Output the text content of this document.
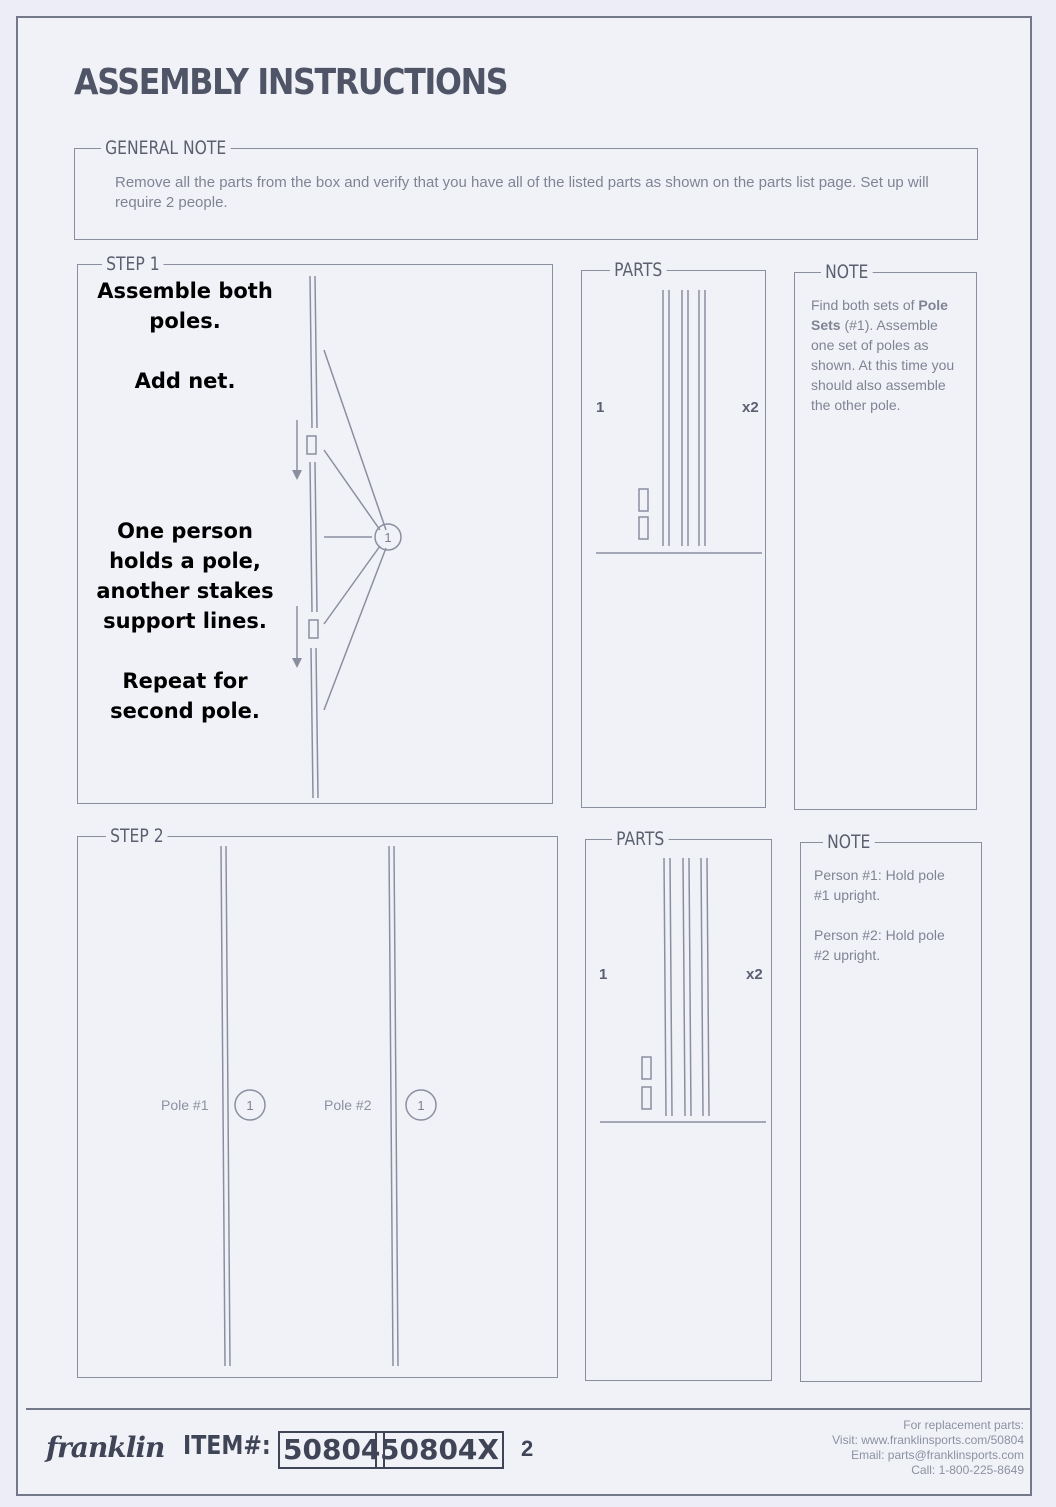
ASSEMBLY INSTRUCTIONS
GENERAL NOTE
Remove all the parts from the box and verify that you have all of the listed parts as shown on the parts list page. Set up will require 2 people.
STEP 1
Assemble both
poles.
Add net.
One person
holds a pole,
another stakes
support lines.
Repeat for
second pole.
PARTS
1	x2
NOTE
Find both sets of Pole Sets (#1). Assemble one set of poles as shown. At this time you should also assemble the other pole.
STEP 2
Pole #1	Pole #2
PARTS
1	x2
NOTE
Person #1: Hold pole #1 upright.
Person #2: Hold pole #2 upright.
1
1	1
franklin ITEM#: 50804 50804X 2
For replacement parts:
Visit: www.franklinsports.com/50804
Email: parts@franklinsports.com
Call: 1-800-225-8649
